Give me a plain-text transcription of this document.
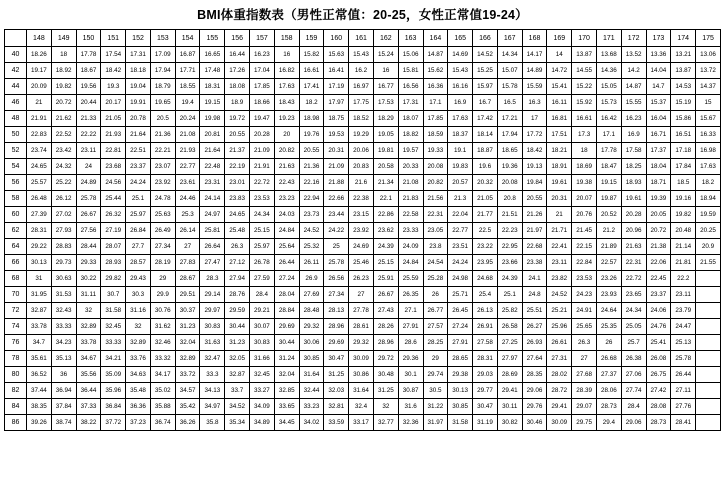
BMI体重指数表（男性正常值：20-25，女性正常值19-24）
	148	149	150	151	152	153	154	155	156	157	158	159	160	161	162	163	164	165	166	167	168	169	170	171	172	173	174	175
40	18.26	18	17.78	17.54	17.31	17.09	16.87	16.65	16.44	16.23	16	15.82	15.63	15.43	15.24	15.06	14.87	14.69	14.52	14.34	14.17	14	13.87	13.68	13.52	13.36	13.21	13.06
42	19.17	18.92	18.67	18.42	18.18	17.94	17.71	17.48	17.26	17.04	16.82	16.61	16.41	16.2	16	15.81	15.62	15.43	15.25	15.07	14.89	14.72	14.55	14.36	14.2	14.04	13.87	13.72
44	20.09	19.82	19.56	19.3	19.04	18.79	18.55	18.31	18.08	17.85	17.63	17.41	17.19	16.97	16.77	16.56	16.36	16.16	15.97	15.78	15.59	15.41	15.22	15.05	14.87	14.7	14.53	14.37
46	21	20.72	20.44	20.17	19.91	19.65	19.4	19.15	18.9	18.66	18.43	18.2	17.97	17.75	17.53	17.31	17.1	16.9	16.7	16.5	16.3	16.11	15.92	15.73	15.55	15.37	15.19	15
48	21.91	21.62	21.33	21.05	20.78	20.5	20.24	19.98	19.72	19.47	19.23	18.98	18.75	18.52	18.29	18.07	17.85	17.63	17.42	17.21	17	16.81	16.61	16.42	16.23	16.04	15.86	15.67
50	22.83	22.52	22.22	21.93	21.64	21.36	21.08	20.81	20.55	20.28	20	19.76	19.53	19.29	19.05	18.82	18.59	18.37	18.14	17.94	17.72	17.51	17.3	17.1	16.9	16.71	16.51	16.33
52	23.74	23.42	23.11	22.81	22.51	22.21	21.93	21.64	21.37	21.09	20.82	20.55	20.31	20.06	19.81	19.57	19.33	19.1	18.87	18.65	18.42	18.21	18	17.78	17.58	17.37	17.18	16.98
54	24.65	24.32	24	23.68	23.37	23.07	22.77	22.48	22.19	21.91	21.63	21.36	21.09	20.83	20.58	20.33	20.08	19.83	19.6	19.36	19.13	18.91	18.69	18.47	18.25	18.04	17.84	17.63
56	25.57	25.22	24.89	24.56	24.24	23.92	23.61	23.31	23.01	22.72	22.43	22.16	21.88	21.6	21.34	21.08	20.82	20.57	20.32	20.08	19.84	19.61	19.38	19.15	18.93	18.71	18.5	18.2
58	26.48	26.12	25.78	25.44	25.1	24.78	24.46	24.14	23.83	23.53	23.23	22.94	22.66	22.38	22.1	21.83	21.56	21.3	21.05	20.8	20.55	20.31	20.07	19.87	19.61	19.39	19.16	18.94
60	27.39	27.02	26.67	26.32	25.97	25.63	25.3	24.97	24.65	24.34	24.03	23.73	23.44	23.15	22.86	22.58	22.31	22.04	21.77	21.51	21.26	21	20.76	20.52	20.28	20.05	19.82	19.59
62	28.31	27.93	27.56	27.19	26.84	26.49	26.14	25.81	25.48	25.15	24.84	24.52	24.22	23.92	23.62	23.33	23.05	22.77	22.5	22.23	21.97	21.71	21.45	21.2	20.96	20.72	20.48	20.25
64	29.22	28.83	28.44	28.07	27.7	27.34	27	26.64	26.3	25.97	25.64	25.32	25	24.69	24.39	24.09	23.8	23.51	23.22	22.95	22.68	22.41	22.15	21.89	21.63	21.38	21.14	20.9
66	30.13	29.73	29.33	28.93	28.57	28.19	27.83	27.47	27.12	26.78	26.44	26.11	25.78	25.46	25.15	24.84	24.54	24.24	23.95	23.66	23.38	23.11	22.84	22.57	22.31	22.06	21.81	21.55
68	31	30.63	30.22	29.82	29.43	29	28.67	28.3	27.94	27.59	27.24	26.9	26.56	26.23	25.91	25.59	25.28	24.98	24.68	24.39	24.1	23.82	23.53	23.26	22.72	22.45	22.2	
70	31.95	31.53	31.11	30.7	30.3	29.9	29.51	29.14	28.76	28.4	28.04	27.69	27.34	27	26.67	26.35	26	25.71	25.4	25.1	24.8	24.52	24.23	23.93	23.65	23.37	23.11	
72	32.87	32.43	32	31.58	31.16	30.76	30.37	29.97	29.59	29.21	28.84	28.48	28.13	27.78	27.43	27.1	26.77	26.45	26.13	25.82	25.51	25.21	24.91	24.64	24.34	24.06	23.79	
74	33.78	33.33	32.89	32.45	32	31.62	31.23	30.83	30.44	30.07	29.69	29.32	28.96	28.61	28.26	27.91	27.57	27.24	26.91	26.58	26.27	25.96	25.65	25.35	25.05	24.76	24.47	
76	34.7	34.23	33.78	33.33	32.89	32.46	32.04	31.63	31.23	30.83	30.44	30.06	29.69	29.32	28.96	28.6	28.25	27.91	27.58	27.25	26.93	26.61	26.3	26	25.7	25.41	25.13	
78	35.61	35.13	34.67	34.21	33.76	33.32	32.89	32.47	32.05	31.66	31.24	30.85	30.47	30.09	29.72	29.36	29	28.65	28.31	27.97	27.64	27.31	27	26.68	26.38	26.08	25.78	
80	36.52	36	35.56	35.09	34.63	34.17	33.72	33.3	32.87	32.45	32.04	31.64	31.25	30.86	30.48	30.1	29.74	29.38	29.03	28.69	28.35	28.02	27.68	27.37	27.06	26.75	26.44	
82	37.44	36.94	36.44	35.96	35.48	35.02	34.57	34.13	33.7	33.27	32.85	32.44	32.03	31.64	31.25	30.87	30.5	30.13	29.77	29.41	29.06	28.72	28.39	28.06	27.74	27.42	27.11	
84	38.35	37.84	37.33	36.84	36.36	35.88	35.42	34.97	34.52	34.09	33.65	33.23	32.81	32.4	32	31.6	31.22	30.85	30.47	30.11	29.76	29.41	29.07	28.73	28.4	28.08	27.76	
86	39.26	38.74	38.22	37.72	37.23	36.74	36.26	35.8	35.34	34.89	34.45	34.02	33.59	33.17	32.77	32.36	31.97	31.58	31.19	30.82	30.46	30.09	29.75	29.4	29.06	28.73	28.41	
